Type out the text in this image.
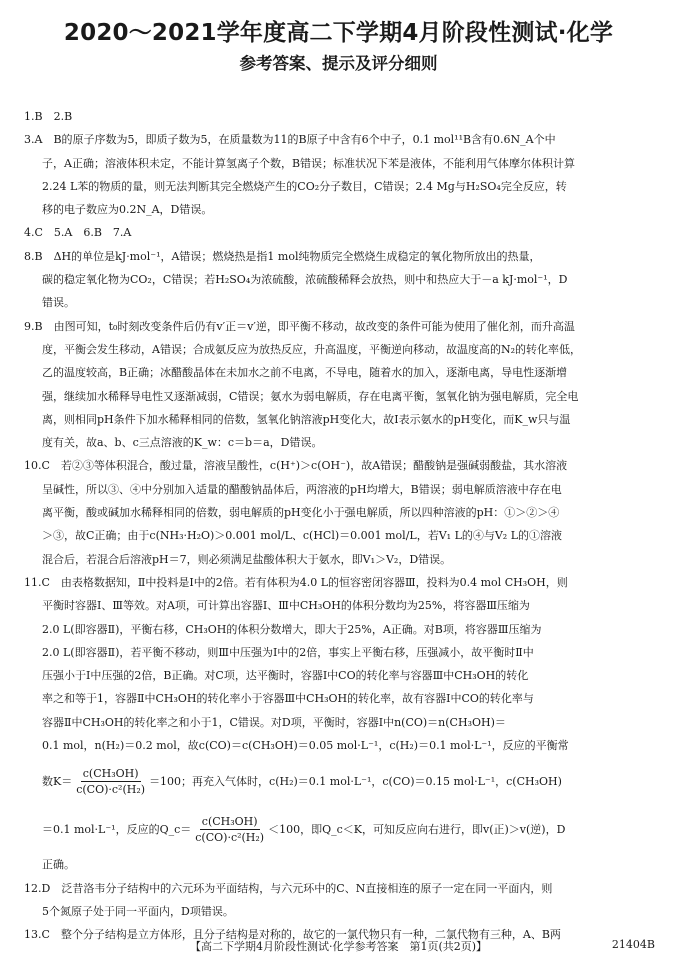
2020～2021学年度高二下学期4月阶段性测试·化学
参考答案、提示及评分细则
1.B　2.B
3.A　B的原子序数为5，即质子数为5，在质量数为11的B原子中含有6个中子，0.1 mol¹¹B含有0.6N_A个中
子，A正确；溶液体积未定，不能计算氢离子个数，B错误；标准状况下苯是液体，不能利用气体摩尔体积计算
2.24 L苯的物质的量，则无法判断其完全燃烧产生的CO₂分子数目，C错误；2.4 Mg与H₂SO₄完全反应，转
移的电子数应为0.2N_A，D错误。
4.C　5.A　6.B　7.A
8.B　ΔH的单位是kJ·mol⁻¹，A错误；燃烧热是指1 mol纯物质完全燃烧生成稳定的氧化物所放出的热量，
碳的稳定氧化物为CO₂，C错误；若H₂SO₄为浓硫酸，浓硫酸稀释会放热，则中和热应大于－a kJ·mol⁻¹，D
错误。
9.B　由图可知，t₀时刻改变条件后仍有v′正＝v′逆，即平衡不移动，故改变的条件可能为使用了催化剂，而升高温
度，平衡会发生移动，A错误；合成氨反应为放热反应，升高温度，平衡逆向移动，故温度高的N₂的转化率低，
乙的温度较高，B正确；冰醋酸晶体在未加水之前不电离，不导电，随着水的加入，逐渐电离，导电性逐渐增
强，继续加水稀释导电性又逐渐减弱，C错误；氨水为弱电解质，存在电离平衡，氢氧化钠为强电解质，完全电
离，则相同pH条件下加水稀释相同的倍数，氢氧化钠溶液pH变化大，故Ⅰ表示氨水的pH变化，而K_w只与温
度有关，故a、b、c三点溶液的K_w：c＝b＝a，D错误。
10.C　若②③等体积混合，酸过量，溶液呈酸性，c(H⁺)＞c(OH⁻)，故A错误；醋酸钠是强碱弱酸盐，其水溶液
呈碱性，所以③、④中分别加入适量的醋酸钠晶体后，两溶液的pH均增大，B错误；弱电解质溶液中存在电
离平衡，酸或碱加水稀释相同的倍数，弱电解质的pH变化小于强电解质，所以四种溶液的pH：①＞②＞④
＞③，故C正确；由于c(NH₃·H₂O)＞0.001 mol/L、c(HCl)＝0.001 mol/L，若V₁ L的④与V₂ L的①溶液
混合后，若混合后溶液pH＝7，则必须满足盐酸体积大于氨水，即V₁＞V₂，D错误。
11.C　由表格数据知，Ⅱ中投料是Ⅰ中的2倍。若有体积为4.0 L的恒容密闭容器Ⅲ，投料为0.4 mol CH₃OH，则
平衡时容器Ⅰ、Ⅲ等效。对A项，可计算出容器Ⅰ、Ⅲ中CH₃OH的体积分数均为25%，将容器Ⅲ压缩为
2.0 L(即容器Ⅱ)，平衡右移，CH₃OH的体积分数增大，即大于25%，A正确。对B项，将容器Ⅲ压缩为
2.0 L(即容器Ⅱ)，若平衡不移动，则Ⅲ中压强为Ⅰ中的2倍，事实上平衡右移，压强减小，故平衡时Ⅱ中
压强小于Ⅰ中压强的2倍，B正确。对C项，达平衡时，容器Ⅰ中CO的转化率与容器Ⅲ中CH₃OH的转化
率之和等于1，容器Ⅱ中CH₃OH的转化率小于容器Ⅲ中CH₃OH的转化率，故有容器Ⅰ中CO的转化率与
容器Ⅱ中CH₃OH的转化率之和小于1，C错误。对D项，平衡时，容器Ⅰ中n(CO)＝n(CH₃OH)＝
0.1 mol，n(H₂)＝0.2 mol，故c(CO)＝c(CH₃OH)＝0.05 mol·L⁻¹，c(H₂)＝0.1 mol·L⁻¹，反应的平衡常
数$K= \frac{\text{c(CH₃OH)}}{\text{c(CO)·c²(H₂)}} =100$；再充入气体时，c(H₂)＝0.1 mol·L⁻¹，c(CO)＝0.15 mol·L⁻¹，c(CH₃OH)
＝0.1 mol·L⁻¹，反应的Q_c＝ $\frac{\text{c(CH₃OH)}}{\text{c(CO)·c²(H₂)}} <100$，即Q_c＜K，可知反应向右进行，即v(正)＞v(逆)，D
正确。
12.D　泛昔洛韦分子结构中的六元环为平面结构，与六元环中的C、N直接相连的原子一定在同一平面内，则
5个氮原子处于同一平面内，D项错误。
13.C　整个分子结构是立方体形，且分子结构是对称的，故它的一氯代物只有一种，二氯代物有三种，A、B两
【高二下学期4月阶段性测试·化学参考答案　第1页(共2页)】	21404B
